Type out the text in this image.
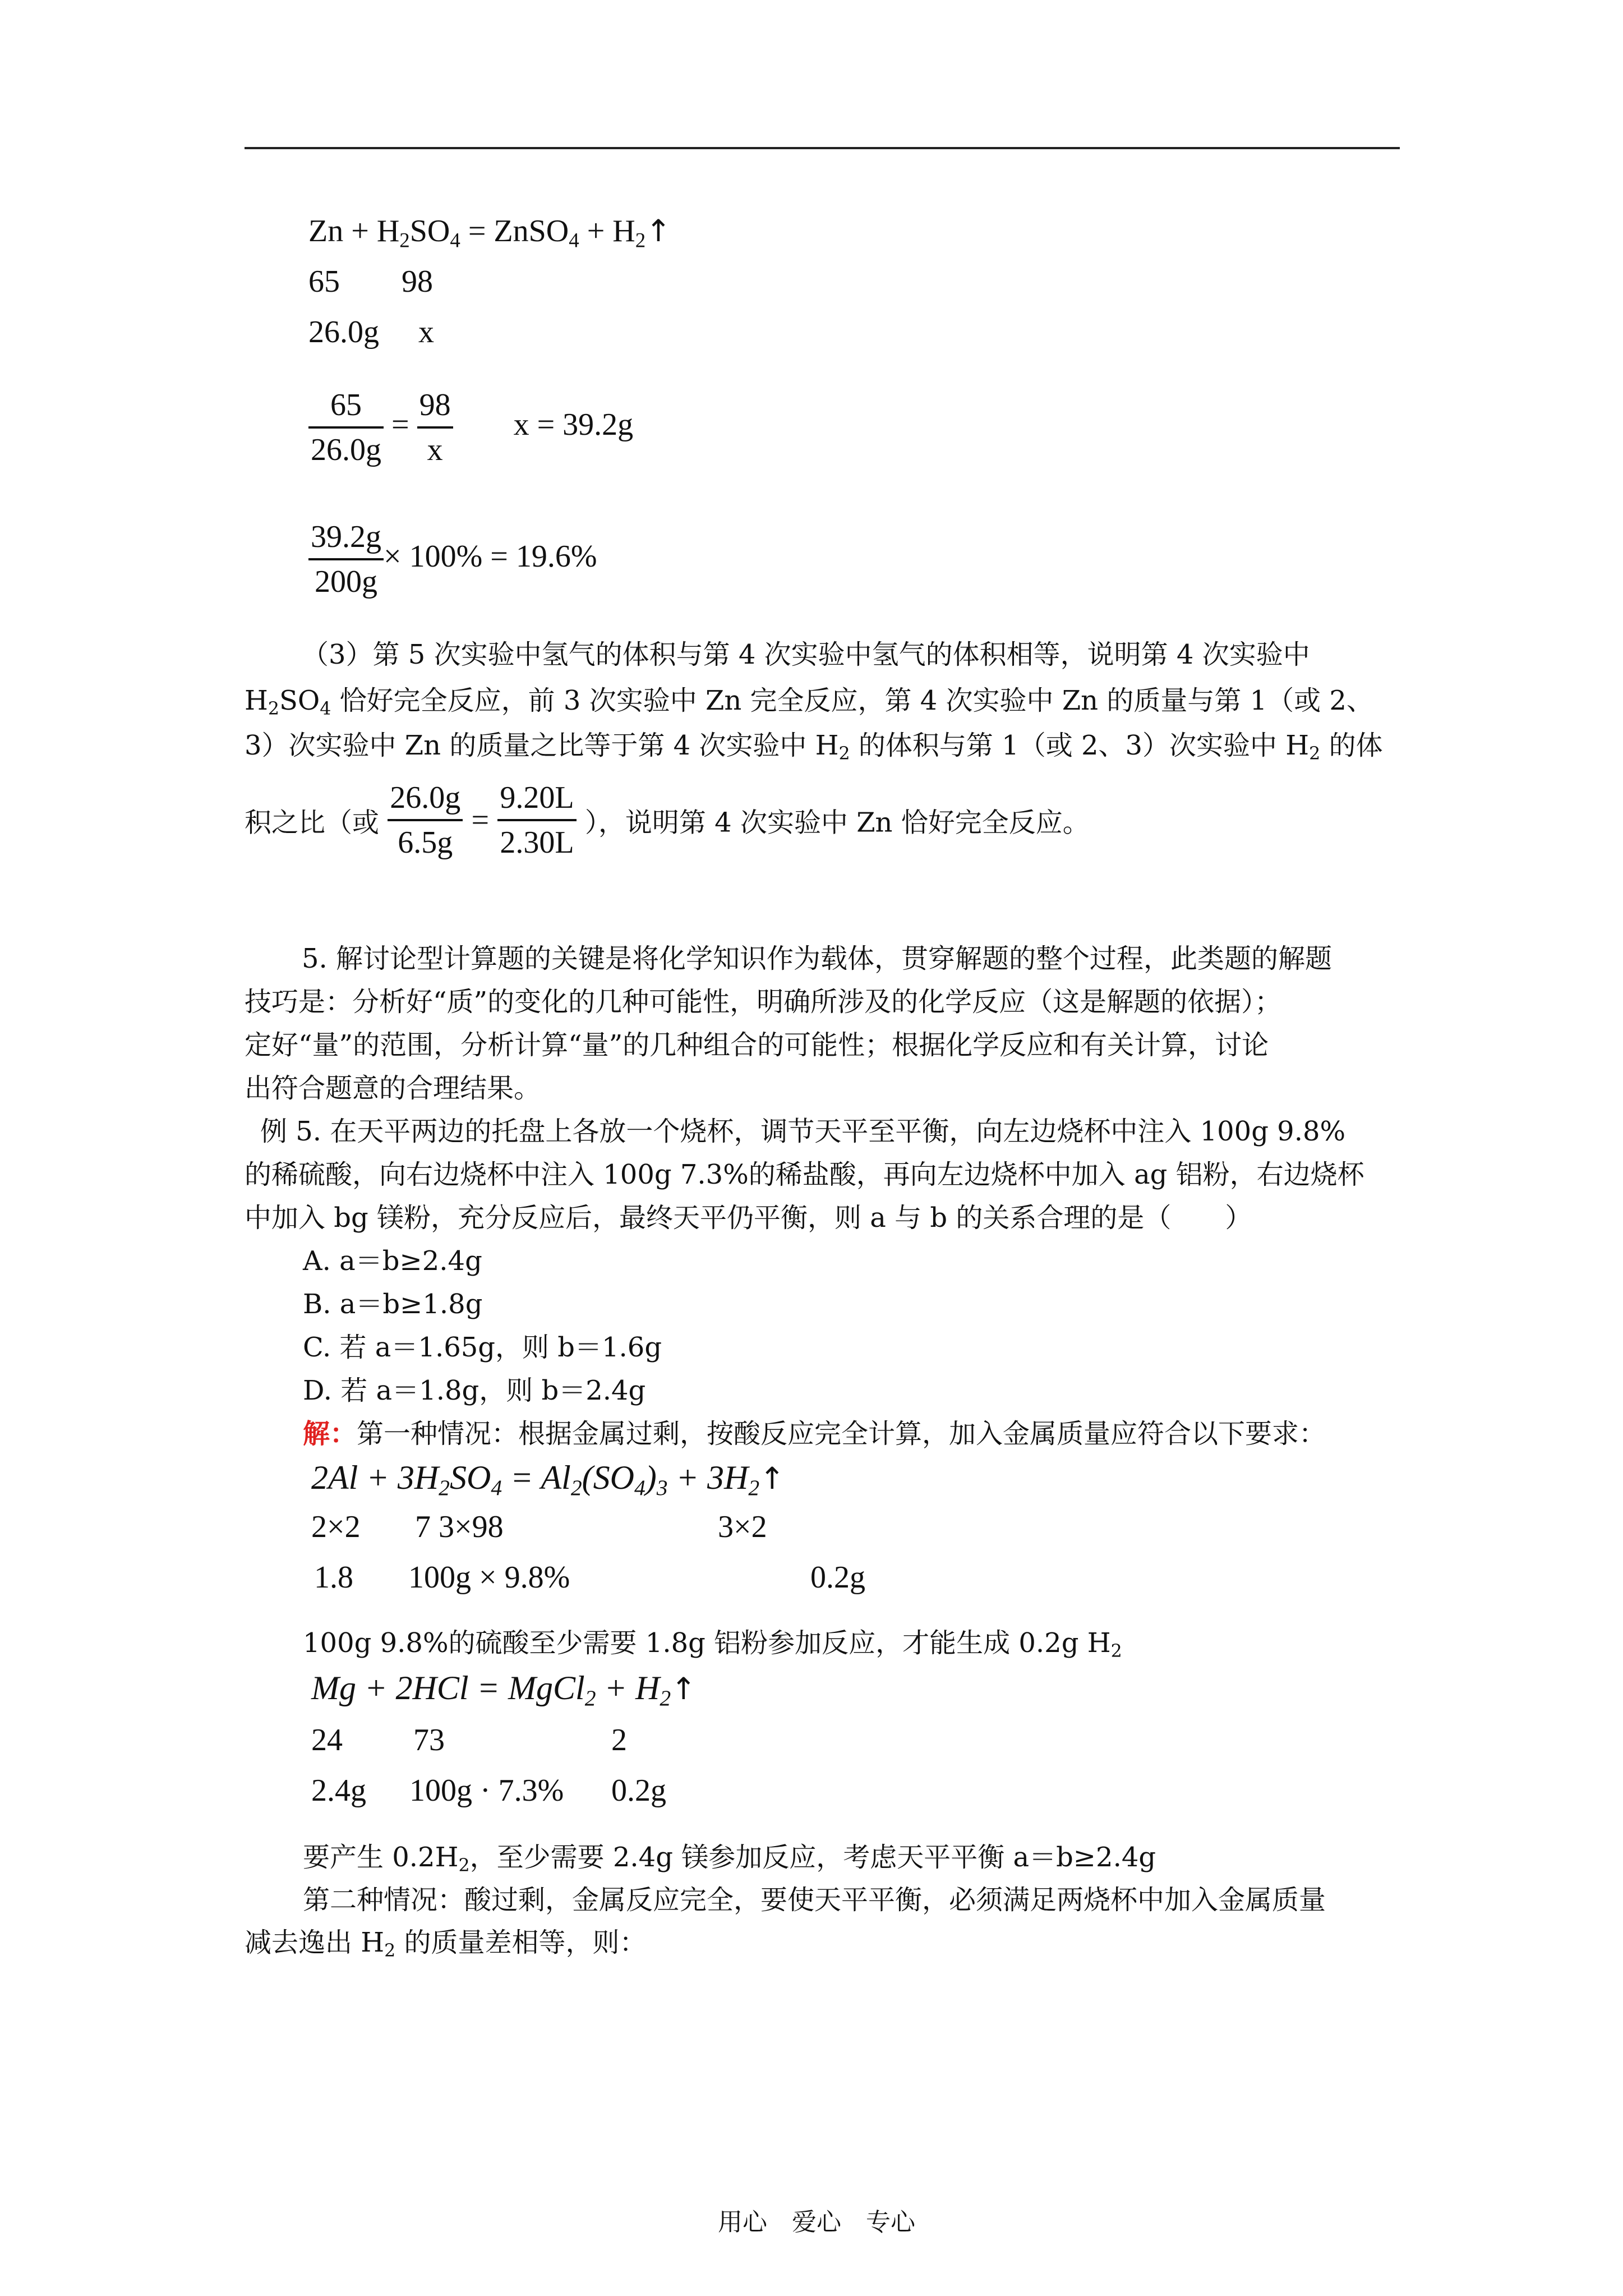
$Zn + H_2SO_4$ = ZnSO$_4$ + $H_2↑$
65 98
26.0g x
$\frac{65}{26.0g} = \frac{98}{x}$ x = 39.2g
$\frac{39.2g}{200g} \times 100\% = 19.6\%$
（3）第 5 次实验中氢气的体积与第 4 次实验中氢气的体积相等，说明第 4 次实验中
$H_2SO_4$ 恰好完全反应，前 3 次实验中 Zn 完全反应，第 4 次实验中 Zn 的质量与第 1（或 2、
3）次实验中 Zn 的质量之比等于第 4 次实验中 $H_2$ 的体积与第 1（或 2、3）次实验中 $H_2$ 的体
积之比（或 $\frac{26.0g}{6.5g} = \frac{9.20L}{2.30L}$ ），说明第 4 次实验中 Zn 恰好完全反应。
5. 解讨论型计算题的关键是将化学知识作为载体，贯穿解题的整个过程，此类题的解题
技巧是：分析好“质”的变化的几种可能性，明确所涉及的化学反应（这是解题的依据）；
定好“量”的范围，分析计算“量”的几种组合的可能性；根据化学反应和有关计算，讨论
出符合题意的合理结果。
例 5. 在天平两边的托盘上各放一个烧杯，调节天平至平衡，向左边烧杯中注入 100g 9.8%
的稀硫酸，向右边烧杯中注入 100g 7.3%的稀盐酸，再向左边烧杯中加入 ag 铝粉，右边烧杯
中加入 bg 镁粉，充分反应后，最终天平仍平衡，则 a 与 b 的关系合理的是（　　）
A. a＝b≥2.4g
B. a＝b≥1.8g
C. 若 a＝1.65g，则 b＝1.6g
D. 若 a＝1.8g，则 b＝2.4g
解：第一种情况：根据金属过剩，按酸反应完全计算，加入金属质量应符合以下要求：
$2Al + 3H_2SO_4 = Al_2(SO_4)_3$ + $3H_2↑$
2×2 7 3×98	3×2
1.8 100g × 9.8%	0.2g
100g 9.8%的硫酸至少需要 1.8g 铝粉参加反应，才能生成 0.2g $H_2$
Mg + 2HCl = MgCl$_2$ + $H_2↑$
24 73	2
2.4g 100g · 7.3% 0.2g
要产生 $0.2H_2$，至少需要 2.4g 镁参加反应，考虑天平平衡 a＝b≥2.4g
第二种情况：酸过剩，金属反应完全，要使天平平衡，必须满足两烧杯中加入金属质量
减去逸出 $H_2$ 的质量差相等，则：
用心　爱心　专心
